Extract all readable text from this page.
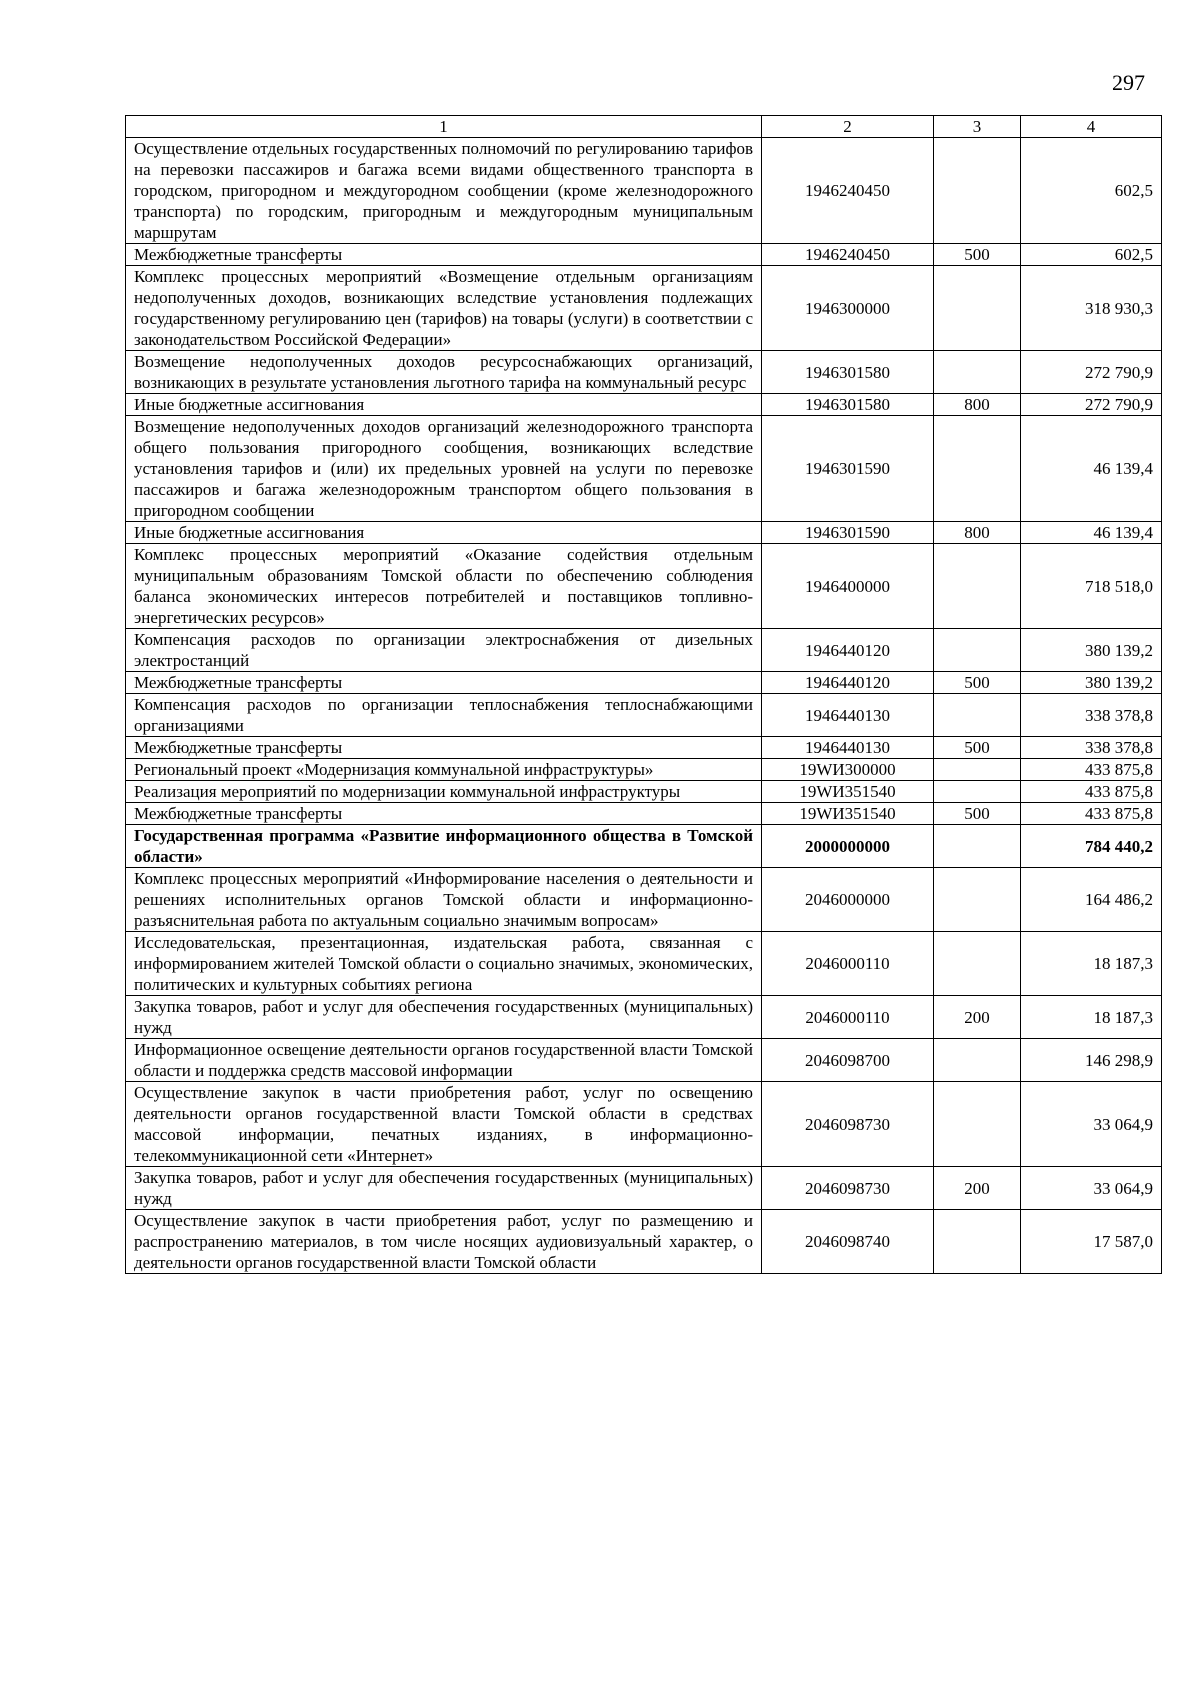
297
1	2	3	4
Осуществление отдельных государственных полномочий по регулированию тарифов на перевозки пассажиров и багажа всеми видами общественного транспорта в городском, пригородном и междугородном сообщении (кроме железнодорожного транспорта) по городским, пригородным и междугородным муниципальным маршрутам	1946240450		602,5
Межбюджетные трансферты	1946240450	500	602,5
Комплекс процессных мероприятий «Возмещение отдельным организациям недополученных доходов, возникающих вследствие установления подлежащих государственному регулированию цен (тарифов) на товары (услуги) в соответствии с законодательством Российской Федерации»	1946300000		318 930,3
Возмещение недополученных доходов ресурсоснабжающих организаций, возникающих в результате установления льготного тарифа на коммунальный ресурс	1946301580		272 790,9
Иные бюджетные ассигнования	1946301580	800	272 790,9
Возмещение недополученных доходов организаций железнодорожного транспорта общего пользования пригородного сообщения, возникающих вследствие установления тарифов и (или) их предельных уровней на услуги по перевозке пассажиров и багажа железнодорожным транспортом общего пользования в пригородном сообщении	1946301590		46 139,4
Иные бюджетные ассигнования	1946301590	800	46 139,4
Комплекс процессных мероприятий «Оказание содействия отдельным муниципальным образованиям Томской области по обеспечению соблюдения баланса экономических интересов потребителей и поставщиков топливно-энергетических ресурсов»	1946400000		718 518,0
Компенсация расходов по организации электроснабжения от дизельных электростанций	1946440120		380 139,2
Межбюджетные трансферты	1946440120	500	380 139,2
Компенсация расходов по организации теплоснабжения теплоснабжающими организациями	1946440130		338 378,8
Межбюджетные трансферты	1946440130	500	338 378,8
Региональный проект «Модернизация коммунальной инфраструктуры»	19WИ300000		433 875,8
Реализация мероприятий по модернизации коммунальной инфраструктуры	19WИ351540		433 875,8
Межбюджетные трансферты	19WИ351540	500	433 875,8
Государственная программа «Развитие информационного общества в Томской области»	2000000000		784 440,2
Комплекс процессных мероприятий «Информирование населения о деятельности и решениях исполнительных органов Томской области и информационно-разъяснительная работа по актуальным социально значимым вопросам»	2046000000		164 486,2
Исследовательская, презентационная, издательская работа, связанная с информированием жителей Томской области о социально значимых, экономических, политических и культурных событиях региона	2046000110		18 187,3
Закупка товаров, работ и услуг для обеспечения государственных (муниципальных) нужд	2046000110	200	18 187,3
Информационное освещение деятельности органов государственной власти Томской области и поддержка средств массовой информации	2046098700		146 298,9
Осуществление закупок в части приобретения работ, услуг по освещению деятельности органов государственной власти Томской области в средствах массовой информации, печатных изданиях, в информационно-телекоммуникационной сети «Интернет»	2046098730		33 064,9
Закупка товаров, работ и услуг для обеспечения государственных (муниципальных) нужд	2046098730	200	33 064,9
Осуществление закупок в части приобретения работ, услуг по размещению и распространению материалов, в том числе носящих аудиовизуальный характер, о деятельности органов государственной власти Томской области	2046098740		17 587,0
